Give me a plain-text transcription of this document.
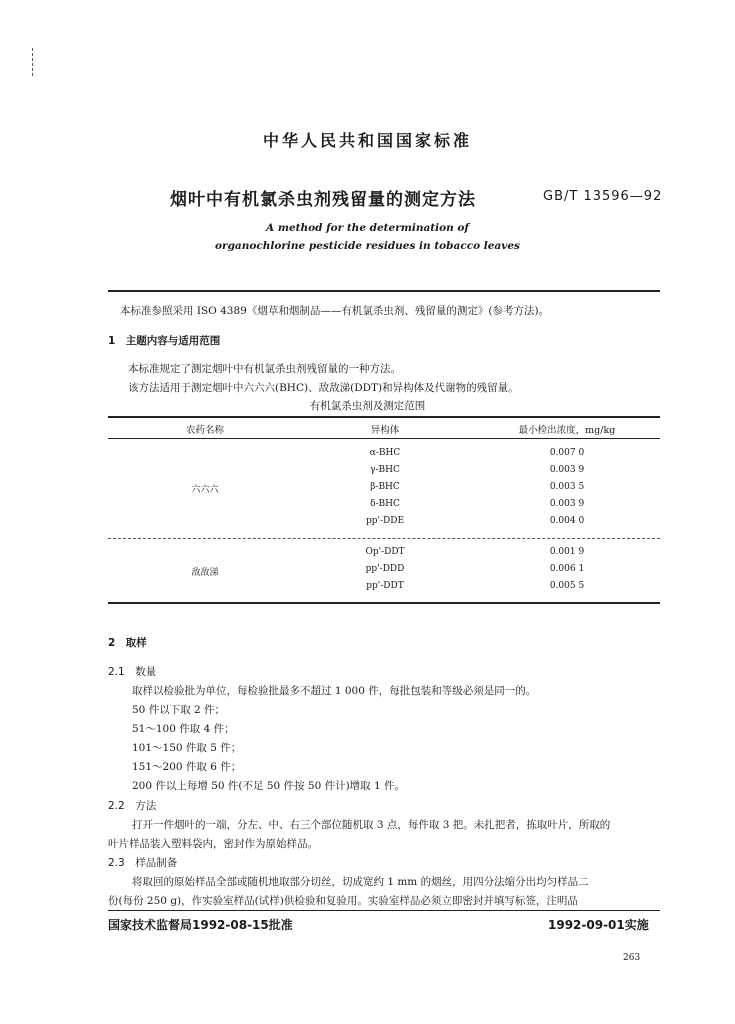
中华人民共和国国家标准
烟叶中有机氯杀虫剂残留量的测定方法	GB/T 13596—92
A method for the determination of
organochlorine pesticide residues in tobacco leaves
本标准参照采用 ISO 4389《烟草和烟制品——有机氯杀虫剂、残留量的测定》(参考方法)。
1　主题内容与适用范围
本标准规定了测定烟叶中有机氯杀虫剂残留量的一种方法。
该方法适用于测定烟叶中六六六(BHC)、敌敌涕(DDT)和异构体及代谢物的残留量。
有机氯杀虫剂及测定范围
农药名称	异构体	最小检出浓度，mg/kg
六六六
α-BHC	0.007 0
γ-BHC	0.003 9
β-BHC	0.003 5
δ-BHC	0.003 9
pp'-DDE	0.004 0
敌敌涕
Op'-DDT	0.001 9
pp'-DDD	0.006 1
pp'-DDT	0.005 5
2　取样
2.1　数量
取样以检验批为单位，每检验批最多不超过 1 000 件，每批包装和等级必须是同一的。
50 件以下取 2 件；
51～100 件取 4 件；
101～150 件取 5 件；
151～200 件取 6 件；
200 件以上每增 50 件(不足 50 件按 50 件计)增取 1 件。
2.2　方法
打开一件烟叶的一端，分左、中、右三个部位随机取 3 点，每件取 3 把。未扎把者，拣取叶片，所取的
叶片样品装入塑料袋内，密封作为原始样品。
2.3　样品制备
将取回的原始样品全部或随机地取部分切丝，切成宽约 1 mm 的烟丝，用四分法缩分出均匀样品二
份(每份 250 g)，作实验室样品(试样)供检验和复验用。实验室样品必须立即密封并填写标签，注明品
国家技术监督局1992-08-15批准	1992-09-01实施
263
